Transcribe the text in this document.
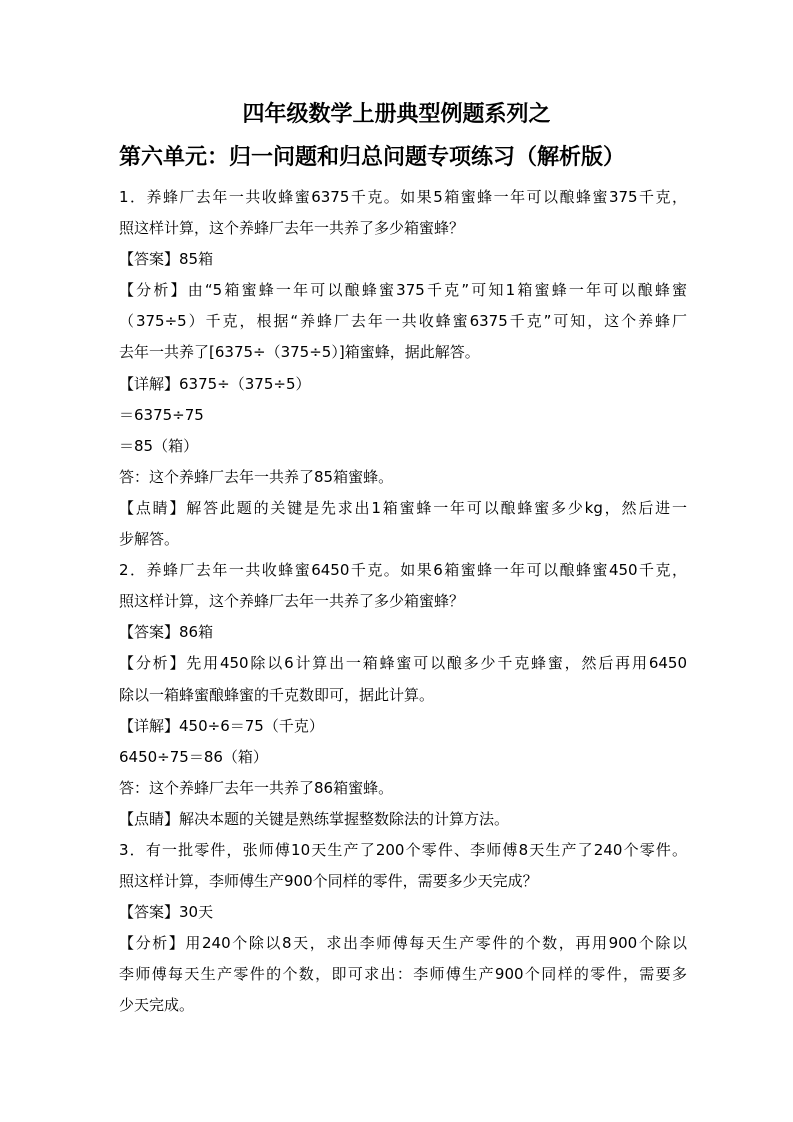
四年级数学上册典型例题系列之
第六单元：归一问题和归总问题专项练习（解析版）
1．养蜂厂去年一共收蜂蜜6375千克。如果5箱蜜蜂一年可以酿蜂蜜375千克，
照这样计算，这个养蜂厂去年一共养了多少箱蜜蜂？
【答案】85箱
【分析】由“5箱蜜蜂一年可以酿蜂蜜375千克”可知1箱蜜蜂一年可以酿蜂蜜
（375÷5）千克，根据“养蜂厂去年一共收蜂蜜6375千克”可知，这个养蜂厂
去年一共养了[6375÷（375÷5）]箱蜜蜂，据此解答。
【详解】6375÷（375÷5）
＝6375÷75
＝85（箱）
答：这个养蜂厂去年一共养了85箱蜜蜂。
【点睛】解答此题的关键是先求出1箱蜜蜂一年可以酿蜂蜜多少kg，然后进一
步解答。
2．养蜂厂去年一共收蜂蜜6450千克。如果6箱蜜蜂一年可以酿蜂蜜450千克，
照这样计算，这个养蜂厂去年一共养了多少箱蜜蜂？
【答案】86箱
【分析】先用450除以6计算出一箱蜂蜜可以酿多少千克蜂蜜，然后再用6450
除以一箱蜂蜜酿蜂蜜的千克数即可，据此计算。
【详解】450÷6＝75（千克）
6450÷75＝86（箱）
答：这个养蜂厂去年一共养了86箱蜜蜂。
【点睛】解决本题的关键是熟练掌握整数除法的计算方法。
3．有一批零件，张师傅10天生产了200个零件、李师傅8天生产了240个零件。
照这样计算，李师傅生产900个同样的零件，需要多少天完成？
【答案】30天
【分析】用240个除以8天，求出李师傅每天生产零件的个数，再用900个除以
李师傅每天生产零件的个数，即可求出：李师傅生产900个同样的零件，需要多
少天完成。
